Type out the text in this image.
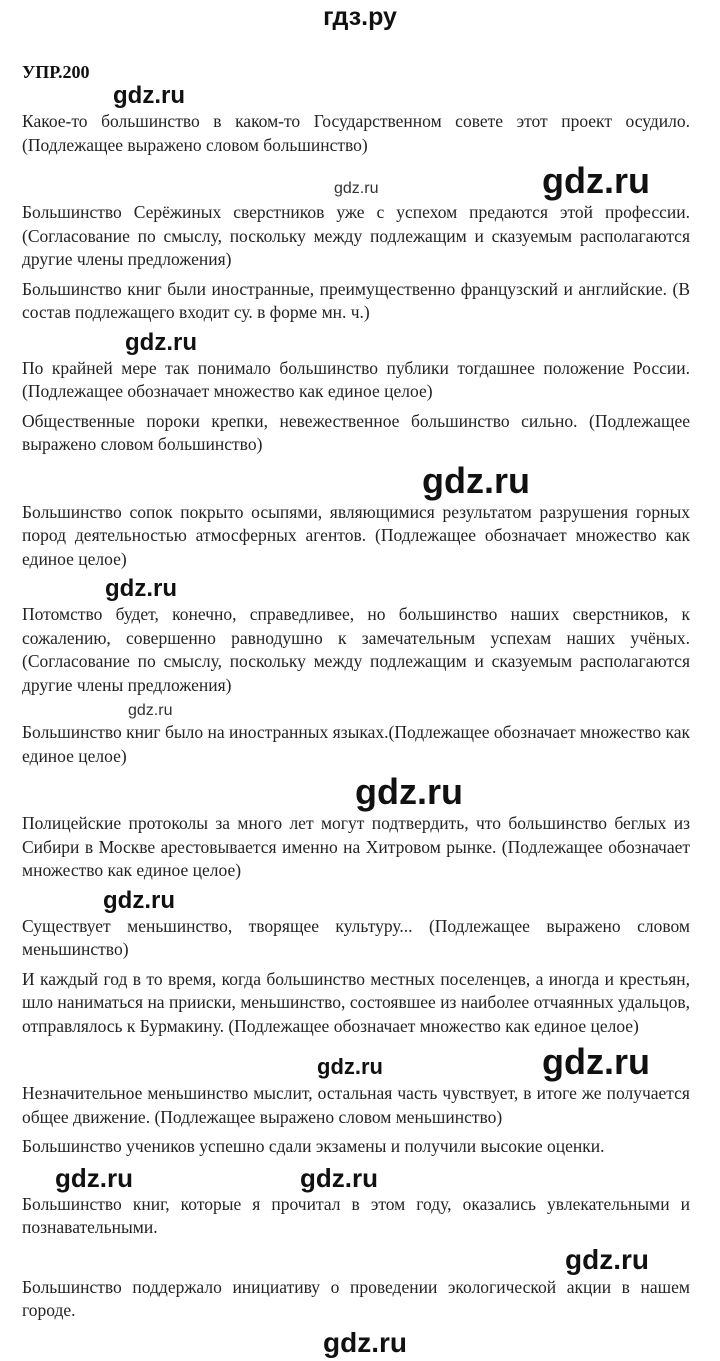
гдз.ру
УПР.200
gdz.ru

Какое-то большинство в каком-то Государственном совете этот проект осудило. (Подлежащее выражено словом большинство)

gdz.ru	gdz.ru

Большинство Серёжиных сверстников уже с успехом предаются этой профессии. (Согласование по смыслу, поскольку между подлежащим и сказуемым располагаются другие члены предложения)

Большинство книг были иностранные, преимущественно французский и английские. (В состав подлежащего входит су. в форме мн. ч.)

gdz.ru

По крайней мере так понимало большинство публики тогдашнее положение России. (Подлежащее обозначает множество как единое целое)

Общественные пороки крепки, невежественное большинство сильно. (Подлежащее выражено словом большинство)

gdz.ru

Большинство сопок покрыто осыпями, являющимися результатом разрушения горных пород деятельностью атмосферных агентов. (Подлежащее обозначает множество как единое целое)

gdz.ru

Потомство будет, конечно, справедливее, но большинство наших сверстников, к сожалению, совершенно равнодушно к замечательным успехам наших учёных. (Согласование по смыслу, поскольку между подлежащим и сказуемым располагаются другие члены предложения)

gdz.ru

Большинство книг было на иностранных языках.(Подлежащее обозначает множество как единое целое)

gdz.ru

Полицейские протоколы за много лет могут подтвердить, что большинство беглых из Сибири в Москве арестовывается именно на Хитровом рынке. (Подлежащее обозначает множество как единое целое)

gdz.ru

Существует меньшинство, творящее культуру... (Подлежащее выражено словом меньшинство)

И каждый год в то время, когда большинство местных поселенцев, а иногда и крестьян, шло наниматься на прииски, меньшинство, состоявшее из наиболее отчаянных удальцов, отправлялось к Бурмакину. (Подлежащее обозначает множество как единое целое)

gdz.ru	gdz.ru

Незначительное меньшинство мыслит, остальная часть чувствует, в итоге же получается общее движение. (Подлежащее выражено словом меньшинство)

Большинство учеников успешно сдали экзамены и получили высокие оценки.

gdz.ru	gdz.ru

Большинство книг, которые я прочитал в этом году, оказались увлекательными и познавательными.

gdz.ru

Большинство поддержало инициативу о проведении экологической акции в нашем городе.

gdz.ru
